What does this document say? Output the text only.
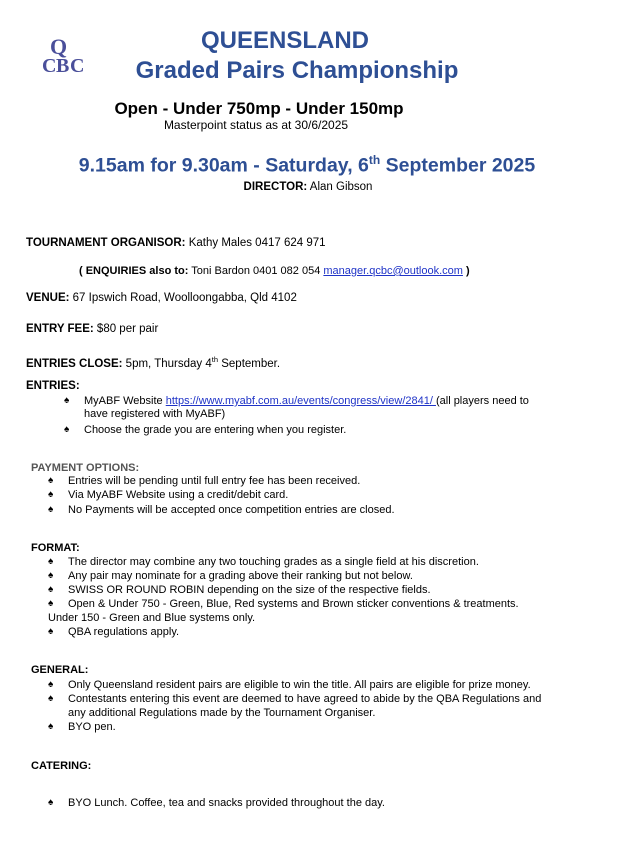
Q
C C
B
QUEENSLAND
Graded Pairs Championship
Open - Under 750mp - Under 150mp
Masterpoint status as at 30/6/2025
9.15am for 9.30am - Saturday, 6th September 2025
DIRECTOR: Alan Gibson
TOURNAMENT ORGANISOR: Kathy Males 0417 624 971
( ENQUIRIES also to: Toni Bardon 0401 082 054 manager.qcbc@outlook.com )
VENUE: 67 Ipswich Road, Woolloongabba, Qld 4102
ENTRY FEE: $80 per pair
ENTRIES CLOSE: 5pm, Thursday 4th September.
ENTRIES:
♠ MyABF Website https://www.myabf.com.au/events/congress/view/2841/ (all players need to
have registered with MyABF)
♠ Choose the grade you are entering when you register.
PAYMENT OPTIONS:
♠ Entries will be pending until full entry fee has been received.
♠ Via MyABF Website using a credit/debit card.
♠ No Payments will be accepted once competition entries are closed.
FORMAT:
♠ The director may combine any two touching grades as a single field at his discretion.
♠ Any pair may nominate for a grading above their ranking but not below.
♠ SWISS OR ROUND ROBIN depending on the size of the respective fields.
♠ Open & Under 750 - Green, Blue, Red systems and Brown sticker conventions & treatments.
Under 150 - Green and Blue systems only.
♠ QBA regulations apply.
GENERAL:
♠ Only Queensland resident pairs are eligible to win the title. All pairs are eligible for prize money.
♠ Contestants entering this event are deemed to have agreed to abide by the QBA Regulations and
any additional Regulations made by the Tournament Organiser.
♠ BYO pen.
CATERING:
♠ BYO Lunch. Coffee, tea and snacks provided throughout the day.
